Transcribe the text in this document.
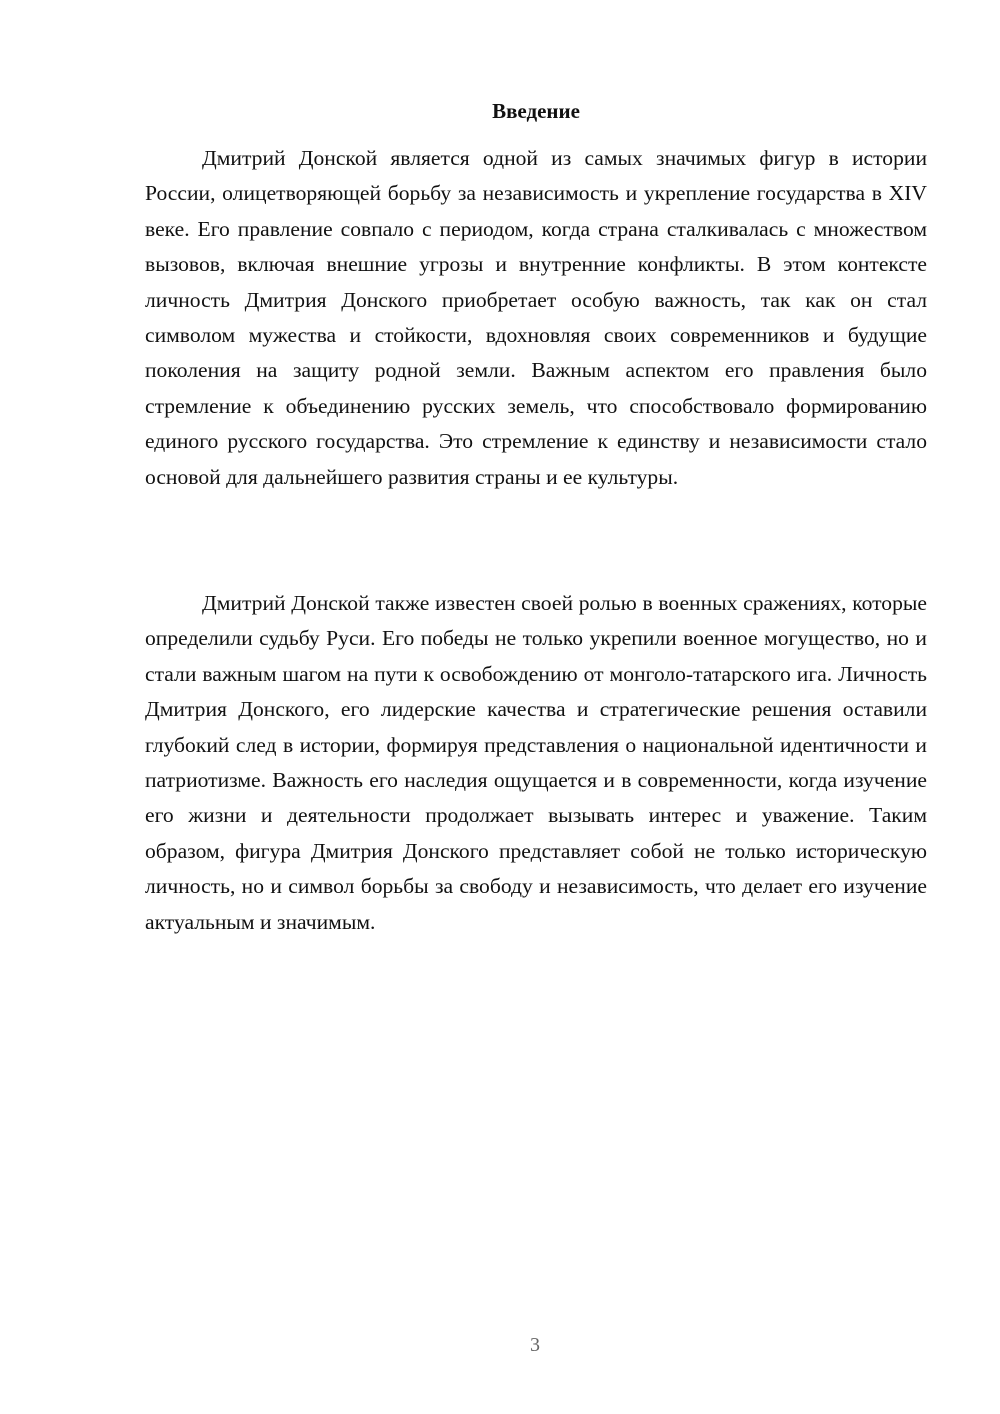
Введение

Дмитрий Донской является одной из самых значимых фигур в истории России, олицетворяющей борьбу за независимость и укрепление государства в XIV веке. Его правление совпало с периодом, когда страна сталкивалась с множеством вызовов, включая внешние угрозы и внутренние конфликты. В этом контексте личность Дмитрия Донского приобретает особую важность, так как он стал символом мужества и стойкости, вдохновляя своих современников и будущие поколения на защиту родной земли. Важным аспектом его правления было стремление к объединению русских земель, что способствовало формированию единого русского государства. Это стремление к единству и независимости стало основой для дальнейшего развития страны и ее культуры.

Дмитрий Донской также известен своей ролью в военных сражениях, которые определили судьбу Руси. Его победы не только укрепили военное могущество, но и стали важным шагом на пути к освобождению от монголо-татарского ига. Личность Дмитрия Донского, его лидерские качества и стратегические решения оставили глубокий след в истории, формируя представления о национальной идентичности и патриотизме. Важность его наследия ощущается и в современности, когда изучение его жизни и деятельности продолжает вызывать интерес и уважение. Таким образом, фигура Дмитрия Донского представляет собой не только историческую личность, но и символ борьбы за свободу и независимость, что делает его изучение актуальным и значимым.

3
